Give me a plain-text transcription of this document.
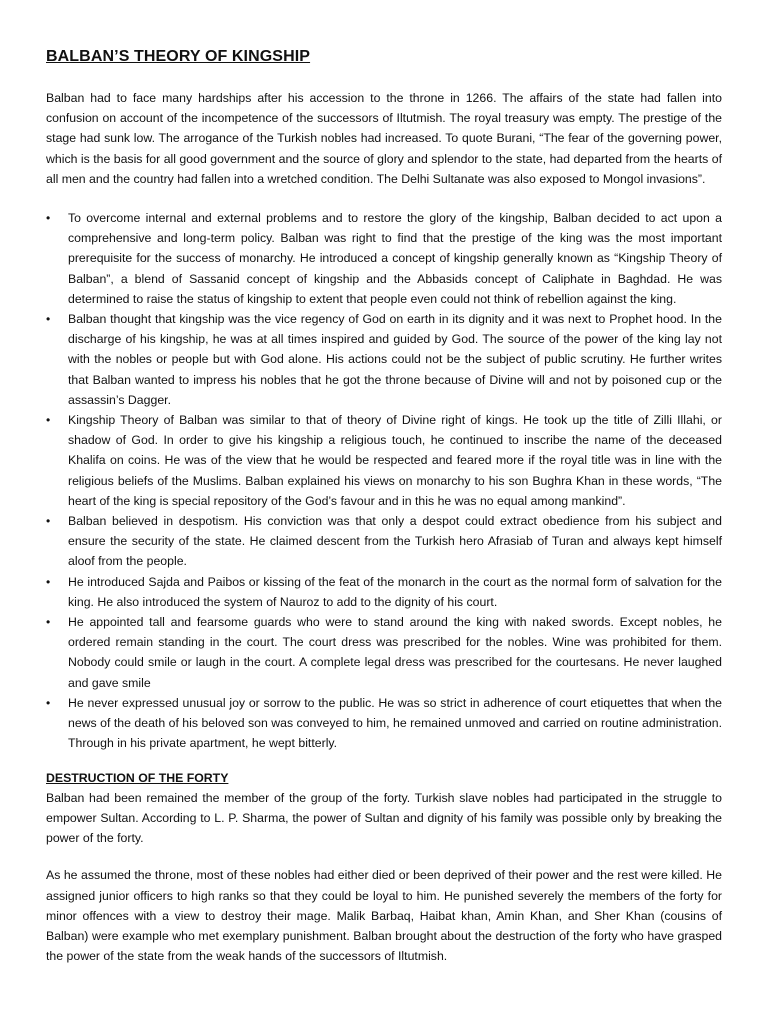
BALBAN’S THEORY OF KINGSHIP

Balban had to face many hardships after his accession to the throne in 1266. The affairs of the state had fallen into confusion on account of the incompetence of the successors of Iltutmish. The royal treasury was empty. The prestige of the stage had sunk low. The arrogance of the Turkish nobles had increased. To quote Burani, “The fear of the governing power, which is the basis for all good government and the source of glory and splendor to the state, had departed from the hearts of all men and the country had fallen into a wretched condition. The Delhi Sultanate was also exposed to Mongol invasions”.

• To overcome internal and external problems and to restore the glory of the kingship, Balban decided to act upon a comprehensive and long-term policy. Balban was right to find that the prestige of the king was the most important prerequisite for the success of monarchy. He introduced a concept of kingship generally known as “Kingship Theory of Balban”, a blend of Sassanid concept of kingship and the Abbasids concept of Caliphate in Baghdad. He was determined to raise the status of kingship to extent that people even could not think of rebellion against the king.
• Balban thought that kingship was the vice regency of God on earth in its dignity and it was next to Prophet hood. In the discharge of his kingship, he was at all times inspired and guided by God. The source of the power of the king lay not with the nobles or people but with God alone. His actions could not be the subject of public scrutiny. He further writes that Balban wanted to impress his nobles that he got the throne because of Divine will and not by poisoned cup or the assassin’s Dagger.
• Kingship Theory of Balban was similar to that of theory of Divine right of kings. He took up the title of Zilli Illahi, or shadow of God. In order to give his kingship a religious touch, he continued to inscribe the name of the deceased Khalifa on coins. He was of the view that he would be respected and feared more if the royal title was in line with the religious beliefs of the Muslims. Balban explained his views on monarchy to his son Bughra Khan in these words, “The heart of the king is special repository of the God’s favour and in this he was no equal among mankind”.
• Balban believed in despotism. His conviction was that only a despot could extract obedience from his subject and ensure the security of the state. He claimed descent from the Turkish hero Afrasiab of Turan and always kept himself aloof from the people.
• He introduced Sajda and Paibos or kissing of the feat of the monarch in the court as the normal form of salvation for the king. He also introduced the system of Nauroz to add to the dignity of his court.
• He appointed tall and fearsome guards who were to stand around the king with naked swords. Except nobles, he ordered remain standing in the court. The court dress was prescribed for the nobles. Wine was prohibited for them. Nobody could smile or laugh in the court. A complete legal dress was prescribed for the courtesans. He never laughed and gave smile
• He never expressed unusual joy or sorrow to the public. He was so strict in adherence of court etiquettes that when the news of the death of his beloved son was conveyed to him, he remained unmoved and carried on routine administration. Through in his private apartment, he wept bitterly.
DESTRUCTION OF THE FORTY

Balban had been remained the member of the group of the forty. Turkish slave nobles had participated in the struggle to empower Sultan. According to L. P. Sharma, the power of Sultan and dignity of his family was possible only by breaking the power of the forty.

As he assumed the throne, most of these nobles had either died or been deprived of their power and the rest were killed. He assigned junior officers to high ranks so that they could be loyal to him. He punished severely the members of the forty for minor offences with a view to destroy their mage. Malik Barbaq, Haibat khan, Amin Khan, and Sher Khan (cousins of Balban) were example who met exemplary punishment. Balban brought about the destruction of the forty who have grasped the power of the state from the weak hands of the successors of Iltutmish.
